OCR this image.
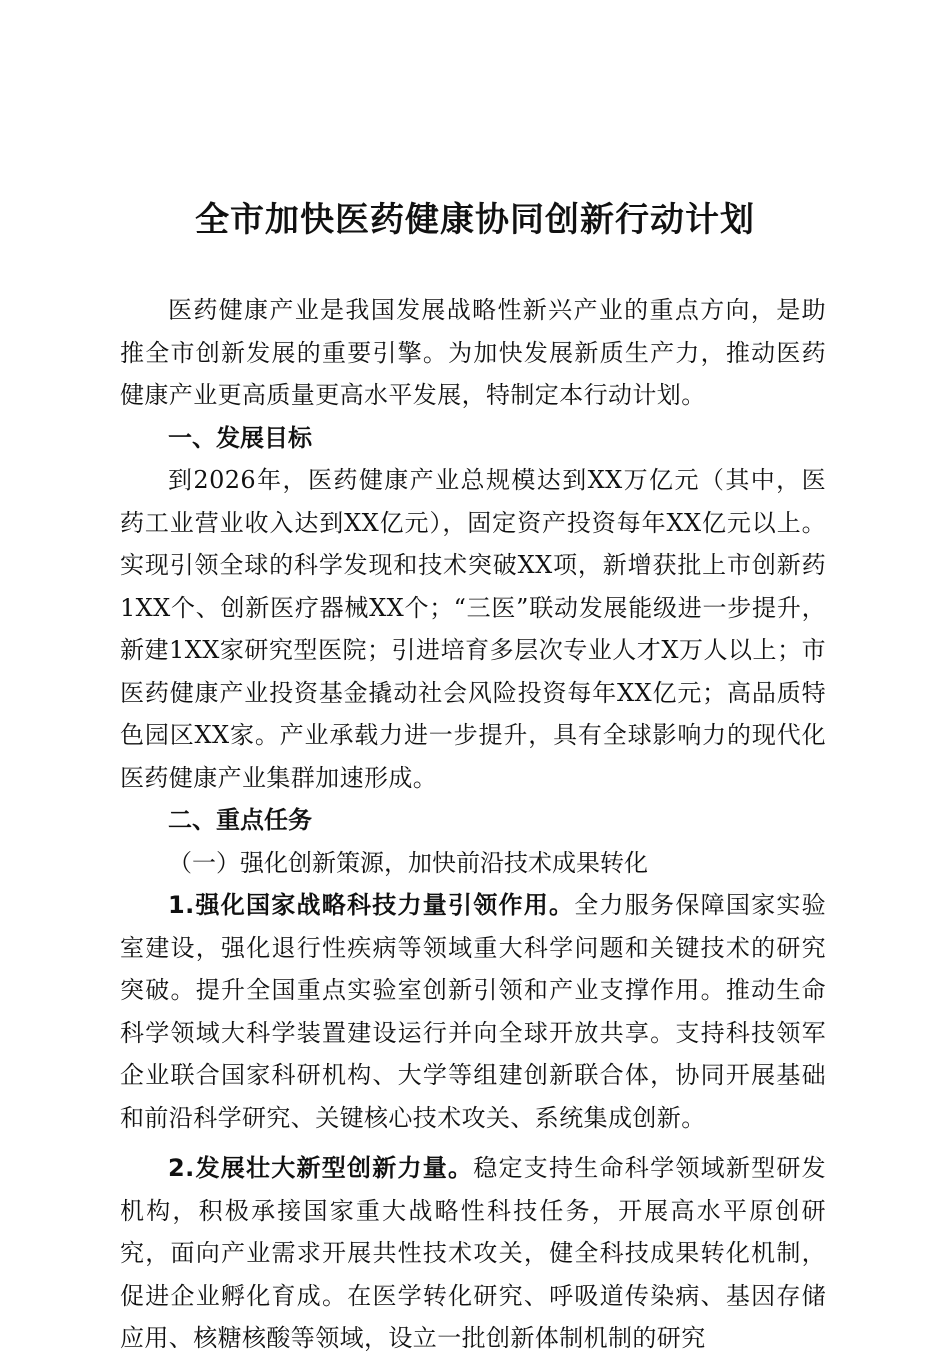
全市加快医药健康协同创新行动计划

医药健康产业是我国发展战略性新兴产业的重点方向，是助推全市创新发展的重要引擎。为加快发展新质生产力，推动医药健康产业更高质量更高水平发展，特制定本行动计划。

一、发展目标

到2026年，医药健康产业总规模达到XX万亿元（其中，医药工业营业收入达到XX亿元），固定资产投资每年XX亿元以上。实现引领全球的科学发现和技术突破XX项，新增获批上市创新药1XX个、创新医疗器械XX个；“三医”联动发展能级进一步提升，新建1XX家研究型医院；引进培育多层次专业人才X万人以上；市医药健康产业投资基金撬动社会风险投资每年XX亿元；高品质特色园区XX家。产业承载力进一步提升，具有全球影响力的现代化医药健康产业集群加速形成。

二、重点任务

（一）强化创新策源，加快前沿技术成果转化

1.强化国家战略科技力量引领作用。全力服务保障国家实验室建设，强化退行性疾病等领域重大科学问题和关键技术的研究突破。提升全国重点实验室创新引领和产业支撑作用。推动生命科学领域大科学装置建设运行并向全球开放共享。支持科技领军企业联合国家科研机构、大学等组建创新联合体，协同开展基础和前沿科学研究、关键核心技术攻关、系统集成创新。

2.发展壮大新型创新力量。稳定支持生命科学领域新型研发机构，积极承接国家重大战略性科技任务，开展高水平原创研究，面向产业需求开展共性技术攻关，健全科技成果转化机制，促进企业孵化育成。在医学转化研究、呼吸道传染病、基因存储应用、核糖核酸等领域，设立一批创新体制机制的研究
